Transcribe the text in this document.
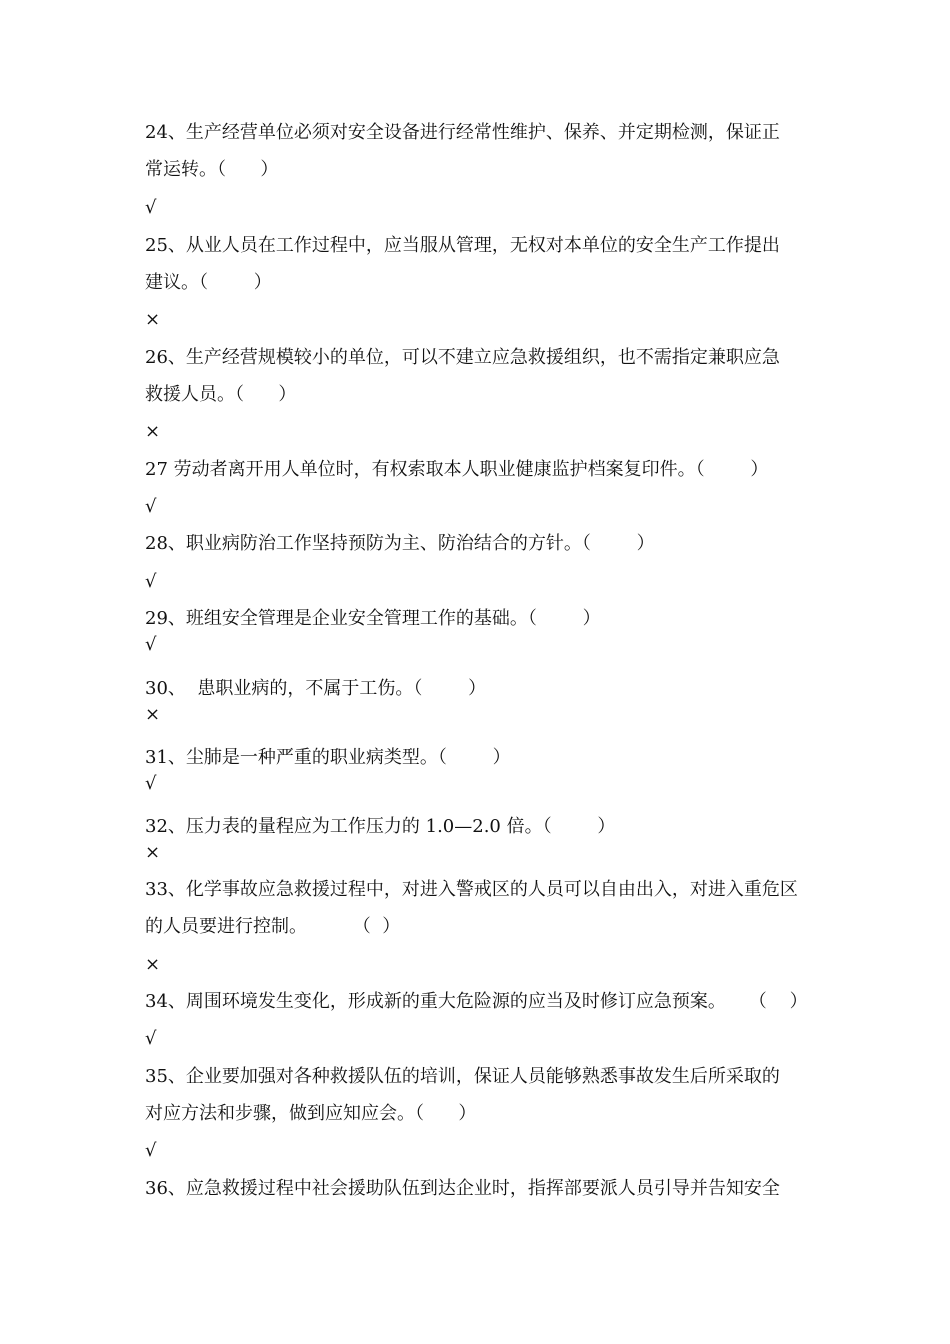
24、生产经营单位必须对安全设备进行经常性维护、保养、并定期检测，保证正
常运转。（      ）
√
25、从业人员在工作过程中，应当服从管理，无权对本单位的安全生产工作提出
建议。（        ）
×
26、生产经营规模较小的单位，可以不建立应急救援组织，也不需指定兼职应急
救援人员。（      ）
×
27 劳动者离开用人单位时，有权索取本人职业健康监护档案复印件。（        ）
√
28、职业病防治工作坚持预防为主、防治结合的方针。（        ）
√
29、班组安全管理是企业安全管理工作的基础。（        ）
√
30、  患职业病的，不属于工伤。（        ）
×
31、尘肺是一种严重的职业病类型。（        ）
√
32、压力表的量程应为工作压力的 1.0—2.0 倍。（        ）
×
33、化学事故应急救援过程中，对进入警戒区的人员可以自由出入，对进入重危区
的人员要进行控制。        （  ）
×
34、周围环境发生变化，形成新的重大危险源的应当及时修订应急预案。    （    ）
√
35、企业要加强对各种救援队伍的培训，保证人员能够熟悉事故发生后所采取的
对应方法和步骤，做到应知应会。（      ）
√
36、应急救援过程中社会援助队伍到达企业时，指挥部要派人员引导并告知安全
